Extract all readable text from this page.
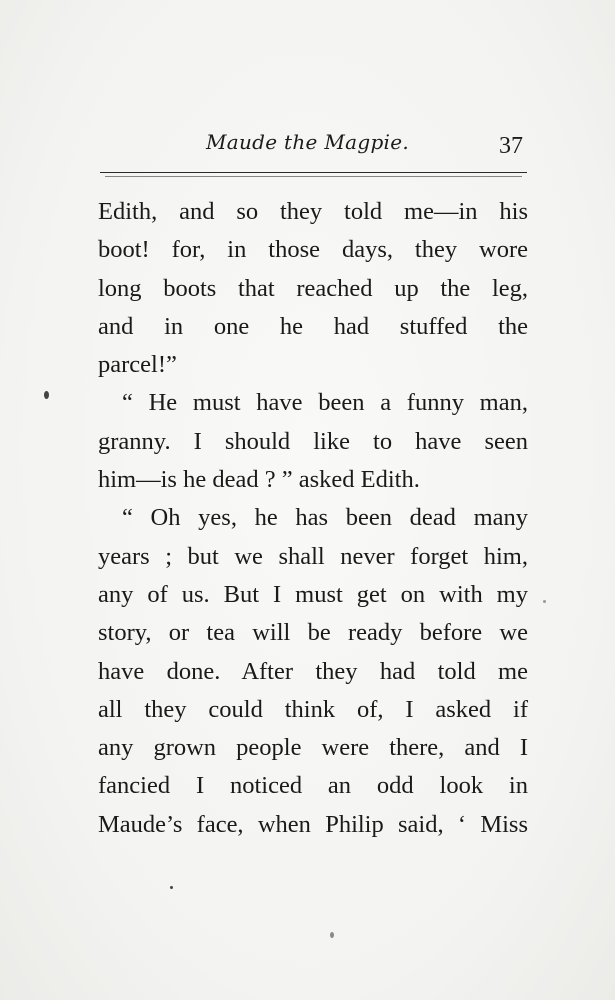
Maude the Magpie.	37
Edith, and so they told me—in his
boot! for, in those days, they wore
long boots that reached up the leg,
and in one he had stuffed the
parcel!”
“ He must have been a funny man,
granny. I should like to have seen
him—is he dead ? ” asked Edith.
“ Oh yes, he has been dead many
years ; but we shall never forget him,
any of us. But I must get on with my
story, or tea will be ready before we
have done. After they had told me
all they could think of, I asked if
any grown people were there, and I
fancied I noticed an odd look in
Maude’s face, when Philip said, ‘ Miss
